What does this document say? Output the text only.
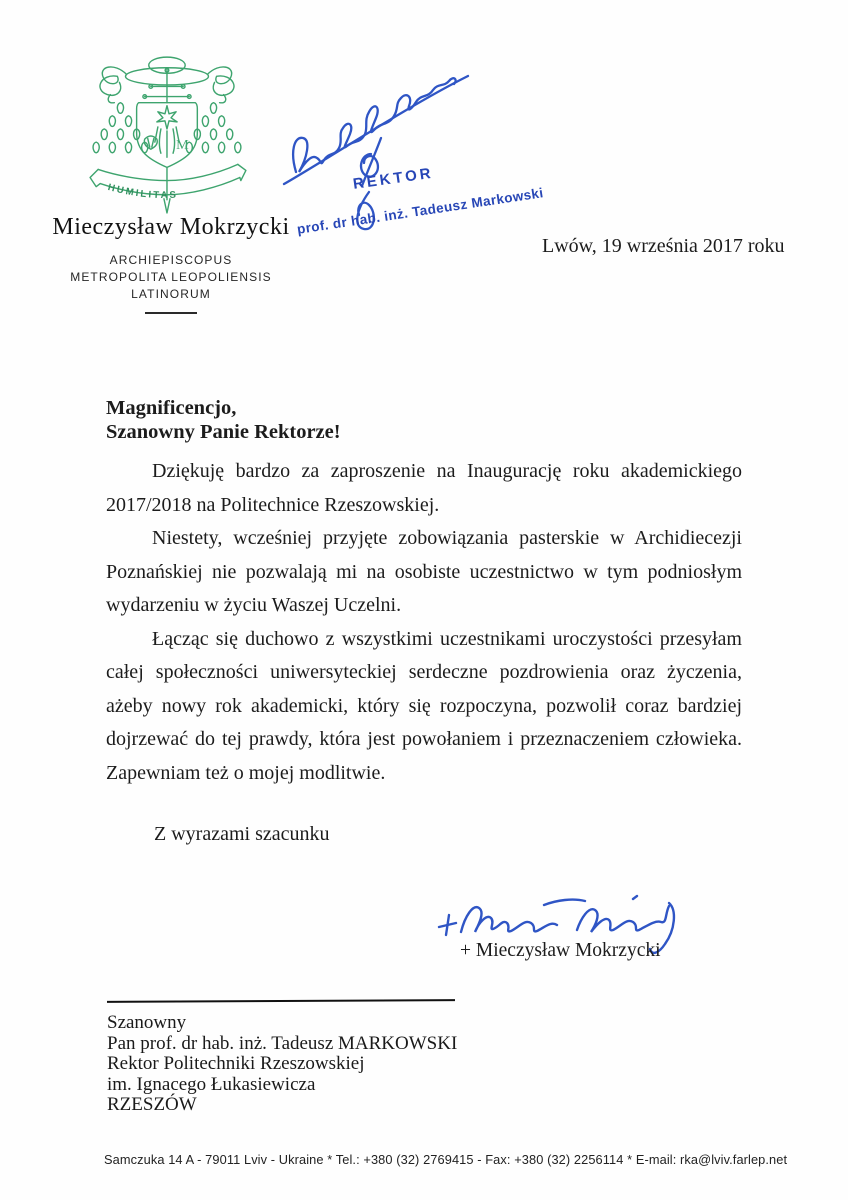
M
HUMILITAS
Mieczysław Mokrzycki
ARCHIEPISCOPUS
METROPOLITA LEOPOLIENSIS LATINORUM
REKTOR
prof. dr hab. inż. Tadeusz Markowski
Lwów, 19 września 2017 roku

Magnificencjo,
Szanowny Panie Rektorze!

Dziękuję bardzo za zaproszenie na Inaugurację roku akademickiego 2017/2018 na Politechnice Rzeszowskiej.

Niestety, wcześniej przyjęte zobowiązania pasterskie w Archidiecezji Poznańskiej nie pozwalają mi na osobiste uczestnictwo w tym podniosłym wydarzeniu w życiu Waszej Uczelni.

Łącząc się duchowo z wszystkimi uczestnikami uroczystości przesyłam całej społeczności uniwersyteckiej serdeczne pozdrowienia oraz życzenia, ażeby nowy rok akademicki, który się rozpoczyna, pozwolił coraz bardziej dojrzewać do tej prawdy, która jest powołaniem i przeznaczeniem człowieka. Zapewniam też o mojej modlitwie.

Z wyrazami szacunku

+ Mieczysław Mokrzycki
Szanowny
Pan prof. dr hab. inż. Tadeusz MARKOWSKI
Rektor Politechniki Rzeszowskiej
im. Ignacego Łukasiewicza
RZESZÓW
Samczuka 14 A - 79011 Lviv - Ukraine * Tel.: +380 (32) 2769415 - Fax: +380 (32) 2256114 * E-mail: rka@lviv.farlep.net
